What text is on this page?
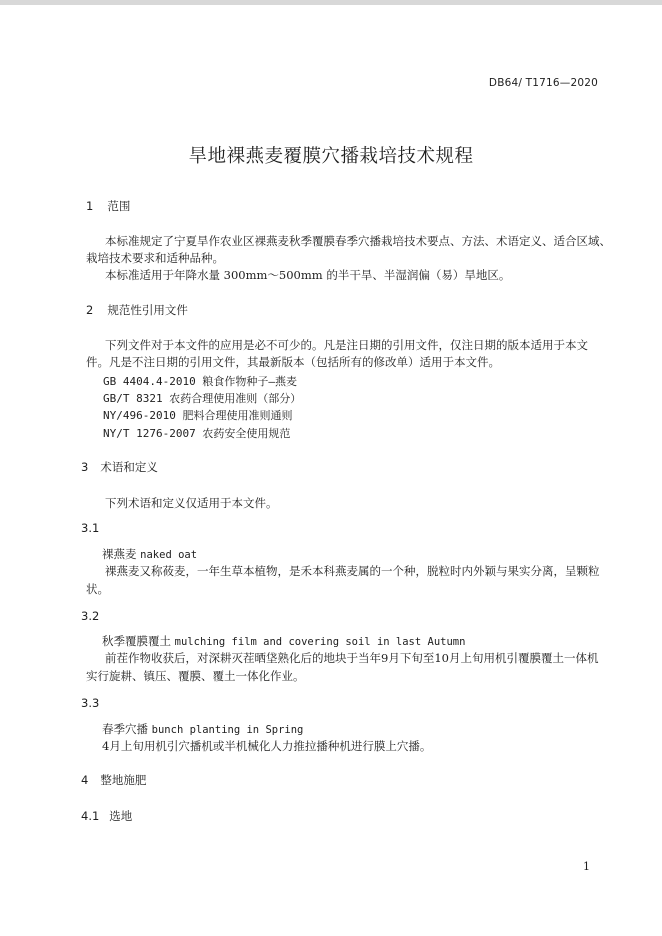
DB64/ T1716—2020
旱地裸燕麦覆膜穴播栽培技术规程
1 范围
本标准规定了宁夏旱作农业区裸燕麦秋季覆膜春季穴播栽培技术要点、方法、术语定义、适合区域、
栽培技术要求和适种品种。
本标准适用于年降水量 300mm～500mm 的半干旱、半湿润偏（易）旱地区。
2 规范性引用文件
下列文件对于本文件的应用是必不可少的。凡是注日期的引用文件，仅注日期的版本适用于本文
件。凡是不注日期的引用文件，其最新版本（包括所有的修改单）适用于本文件。
GB 4404.4-2010 粮食作物种子—燕麦
GB/T 8321 农药合理使用准则（部分）
NY/496-2010 肥料合理使用准则通则
NY/T 1276-2007 农药安全使用规范
3 术语和定义
下列术语和定义仅适用于本文件。
3.1
裸燕麦 naked oat
裸燕麦又称莜麦，一年生草本植物，是禾本科燕麦属的一个种，脱粒时内外颖与果实分离，呈颗粒
状。
3.2
秋季覆膜覆土 mulching film and covering soil in last Autumn
前茬作物收获后，对深耕灭茬晒垡熟化后的地块于当年9月下旬至10月上旬用机引覆膜覆土一体机
实行旋耕、镇压、覆膜、覆土一体化作业。
3.3
春季穴播 bunch planting in Spring
4月上旬用机引穴播机或半机械化人力推拉播种机进行膜上穴播。
4 整地施肥
4.1 选地
1
